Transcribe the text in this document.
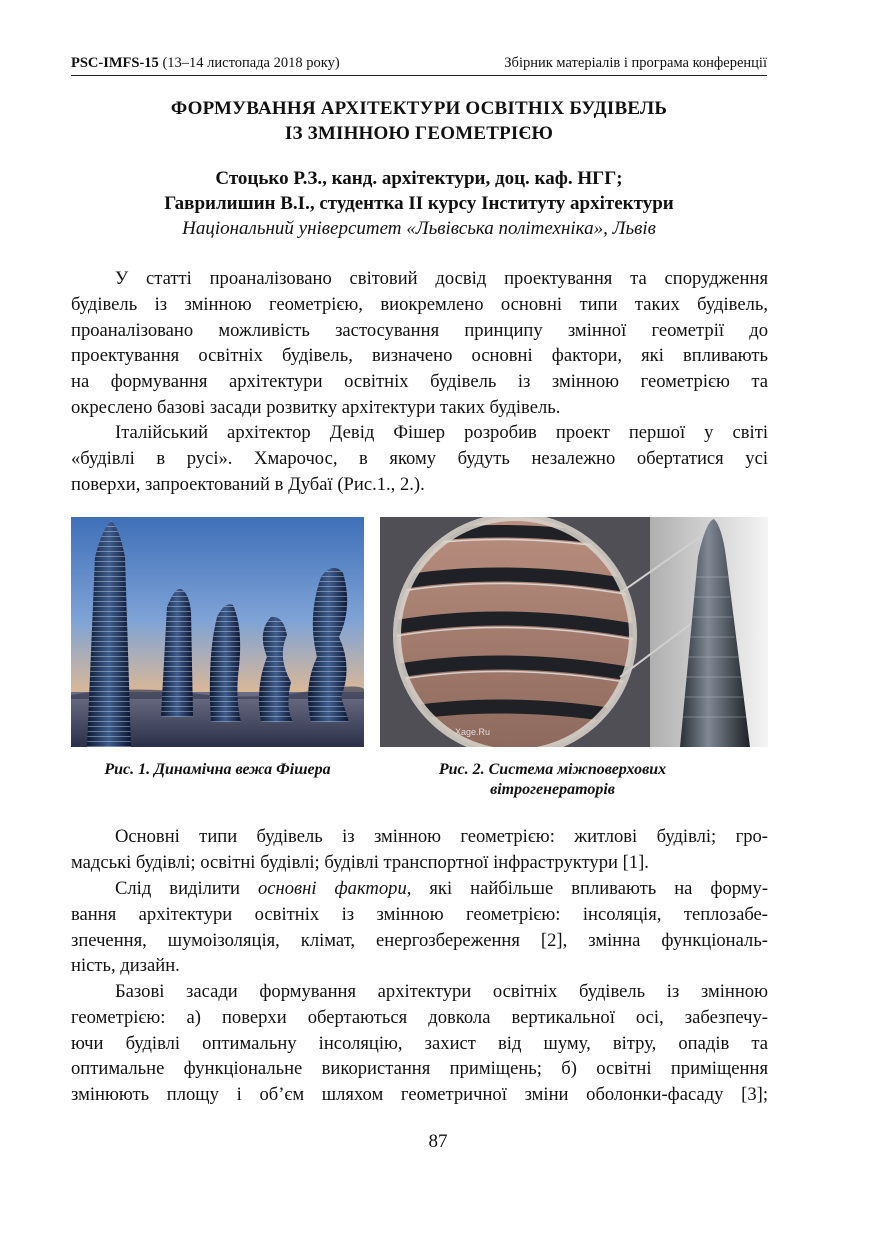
PSC-IMFS-15 (13–14 листопада 2018 року)	Збірник матеріалів і програма конференції
ФОРМУВАННЯ АРХІТЕКТУРИ ОСВІТНІХ БУДІВЕЛЬ
ІЗ ЗМІННОЮ ГЕОМЕТРІЄЮ
Стоцько Р.З., канд. архітектури, доц. каф. НГГ;
Гаврилишин В.І., студентка ІІ курсу Інституту архітектури
Національний університет «Львівська політехніка», Львів
У статті проаналізовано світовий досвід проектування та спорудження
будівель із змінною геометрією, виокремлено основні типи таких будівель,
проаналізовано можливість застосування принципу змінної геометрії до
проектування освітніх будівель, визначено основні фактори, які впливають
на формування архітектури освітніх будівель із змінною геометрією та
окреслено базові засади розвитку архітектури таких будівель.
Італійський архітектор Девід Фішер розробив проект першої у світі
«будівлі в русі». Хмарочос, в якому будуть незалежно обертатися усі
поверхи, запроектований в Дубаї (Рис.1., 2.).
Xage.Ru
Рис. 1. Динамічна вежа Фішера	Рис. 2. Система міжповерхових
вітрогенераторів
Основні типи будівель із змінною геометрією: житлові будівлі; гро-
мадські будівлі; освітні будівлі; будівлі транспортної інфраструктури [1].
Слід виділити основні фактори, які найбільше впливають на форму-
вання архітектури освітніх із змінною геометрією: інсоляція, теплозабе-
зпечення, шумоізоляція, клімат, енергозбереження [2], змінна функціональ-
ність, дизайн.
Базові засади формування архітектури освітніх будівель із змінною
геометрією: а) поверхи обертаються довкола вертикальної осі, забезпечу-
ючи будівлі оптимальну інсоляцію, захист від шуму, вітру, опадів та
оптимальне функціональне використання приміщень; б) освітні приміщення
змінюють площу і об’єм шляхом геометричної зміни оболонки-фасаду [3];
87
